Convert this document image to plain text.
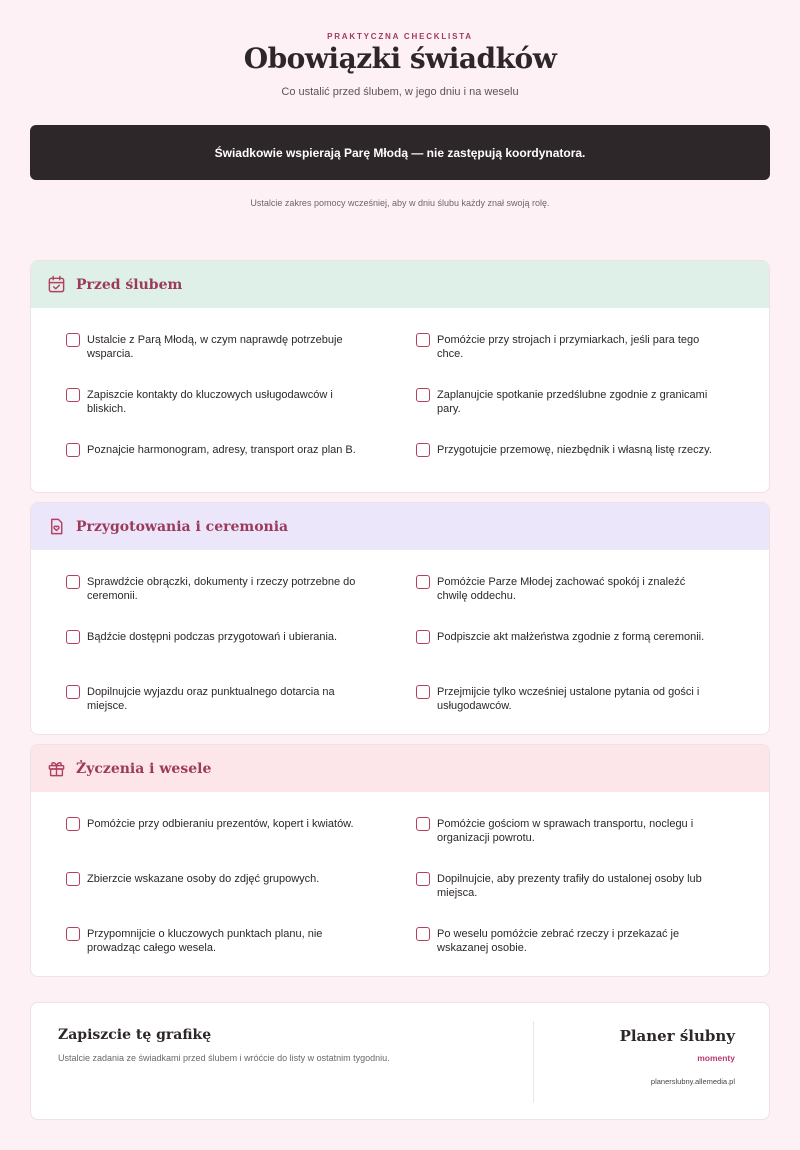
PRAKTYCZNA CHECKLISTA
Obowiązki świadków
Co ustalić przed ślubem, w jego dniu i na weselu
Świadkowie wspierają Parę Młodą — nie zastępują koordynatora.
Ustalcie zakres pomocy wcześniej, aby w dniu ślubu każdy znał swoją rolę.
Przed ślubem
Ustalcie z Parą Młodą, w czym naprawdę potrzebuje wsparcia.
Pomóżcie przy strojach i przymiarkach, jeśli para tego chce.
Zapiszcie kontakty do kluczowych usługodawców i bliskich.
Zaplanujcie spotkanie przedślubne zgodnie z granicami pary.
Poznajcie harmonogram, adresy, transport oraz plan B.	Przygotujcie przemowę, niezbędnik i własną listę rzeczy.
Przygotowania i ceremonia
Sprawdźcie obrączki, dokumenty i rzeczy potrzebne do ceremonii.
Pomóżcie Parze Młodej zachować spokój i znaleźć chwilę oddechu.
Bądźcie dostępni podczas przygotowań i ubierania.	Podpiszcie akt małżeństwa zgodnie z formą ceremonii.
Dopilnujcie wyjazdu oraz punktualnego dotarcia na miejsce.
Przejmijcie tylko wcześniej ustalone pytania od gości i usługodawców.
Życzenia i wesele
Pomóżcie przy odbieraniu prezentów, kopert i kwiatów.	Pomóżcie gościom w sprawach transportu, noclegu i organizacji powrotu.
Zbierzcie wskazane osoby do zdjęć grupowych.	Dopilnujcie, aby prezenty trafiły do ustalonej osoby lub miejsca.
Przypomnijcie o kluczowych punktach planu, nie prowadząc całego wesela.
Po weselu pomóżcie zebrać rzeczy i przekazać je wskazanej osobie.
Zapiszcie tę grafikę
Ustalcie zadania ze świadkami przed ślubem i wróćcie do listy w ostatnim tygodniu.
Planer ślubny
momenty
planerslubny.allemedia.pl
